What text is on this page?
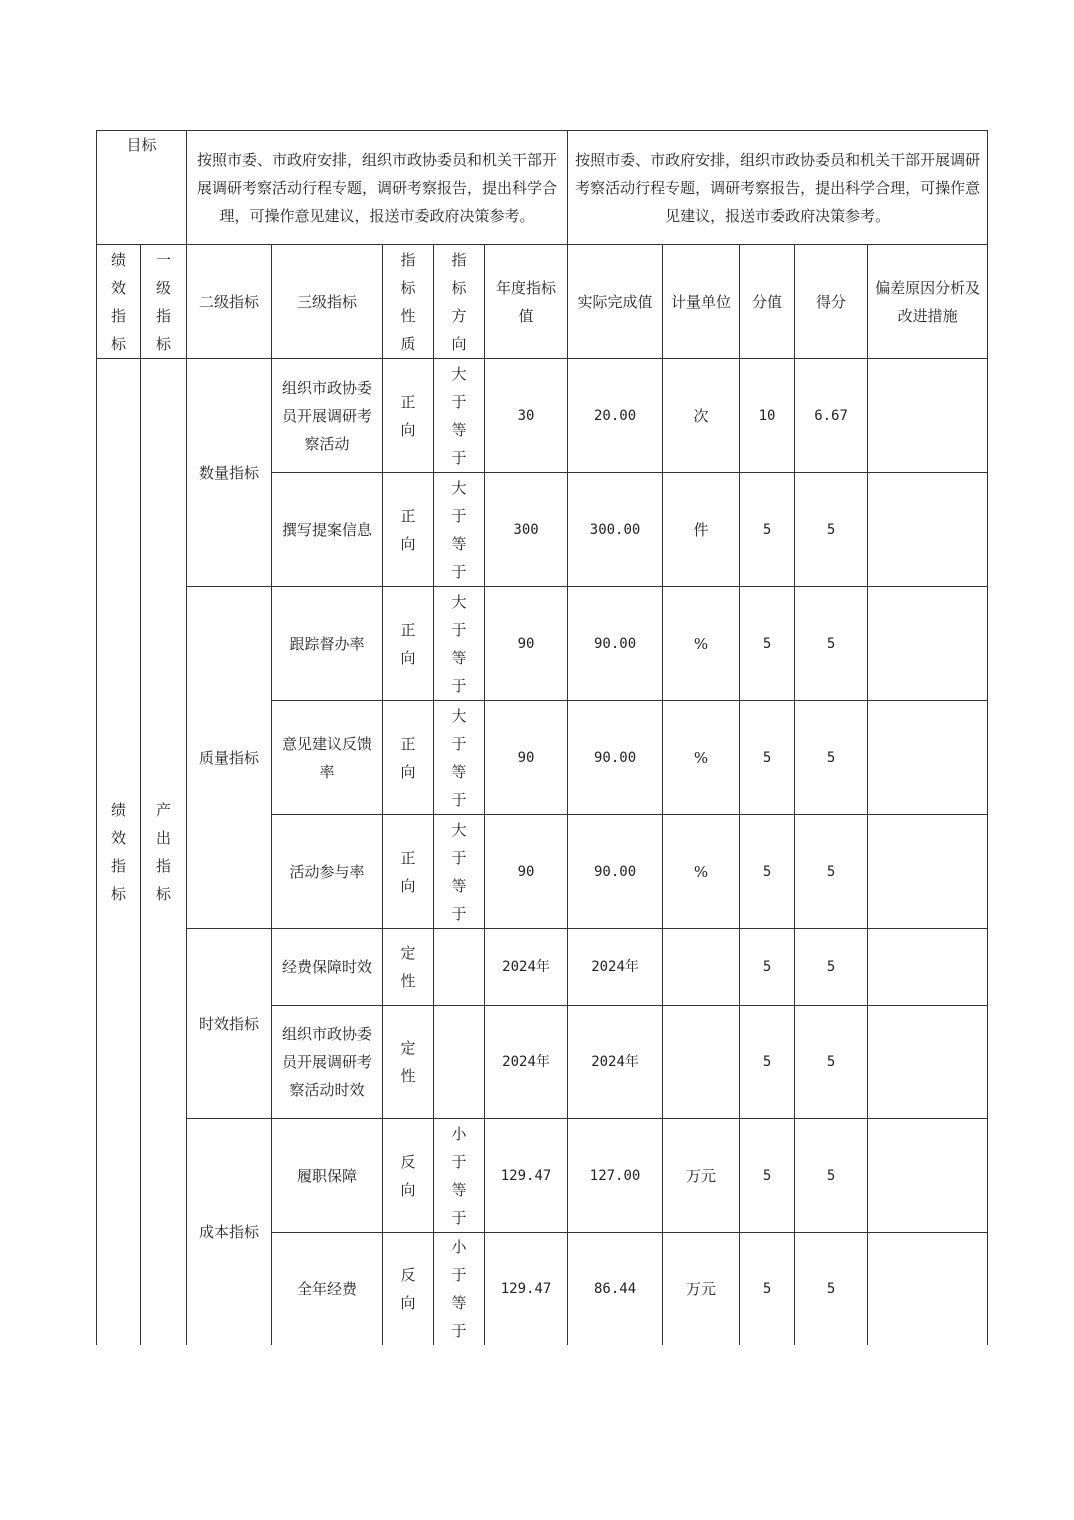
目标		按照市委、市政府安排，组织市政协委员和机关干部开展调研考察活动行程专题，调研考察报告，提出科学合理，可操作意见建议，报送市委政府决策参考。					按照市委、市政府安排，组织市政协委员和机关干部开展调研考察活动行程专题，调研考察报告，提出科学合理，可操作意见建议，报送市委政府决策参考。				
绩效指标	一级指标	二级指标	三级指标	指标性质	指标方向	年度指标值	实际完成值	计量单位	分值	得分	偏差原因分析及改进措施
绩效指标	产出指标	数量指标	组织市政协委员开展调研考察活动	正向	大于等于	30	20.00	次	10	6.67	
			撰写提案信息	正向	大于等于	300	300.00	件	5	5	
		质量指标	跟踪督办率	正向	大于等于	90	90.00	%	5	5	
			意见建议反馈率	正向	大于等于	90	90.00	%	5	5	
			活动参与率	正向	大于等于	90	90.00	%	5	5	
		时效指标	经费保障时效	定性		2024年	2024年		5	5	
			组织市政协委员开展调研考察活动时效	定性		2024年	2024年		5	5	
		成本指标	履职保障	反向	小于等于	129.47	127.00	万元	5	5	
			全年经费	反向	小于等于	129.47	86.44	万元	5	5	
